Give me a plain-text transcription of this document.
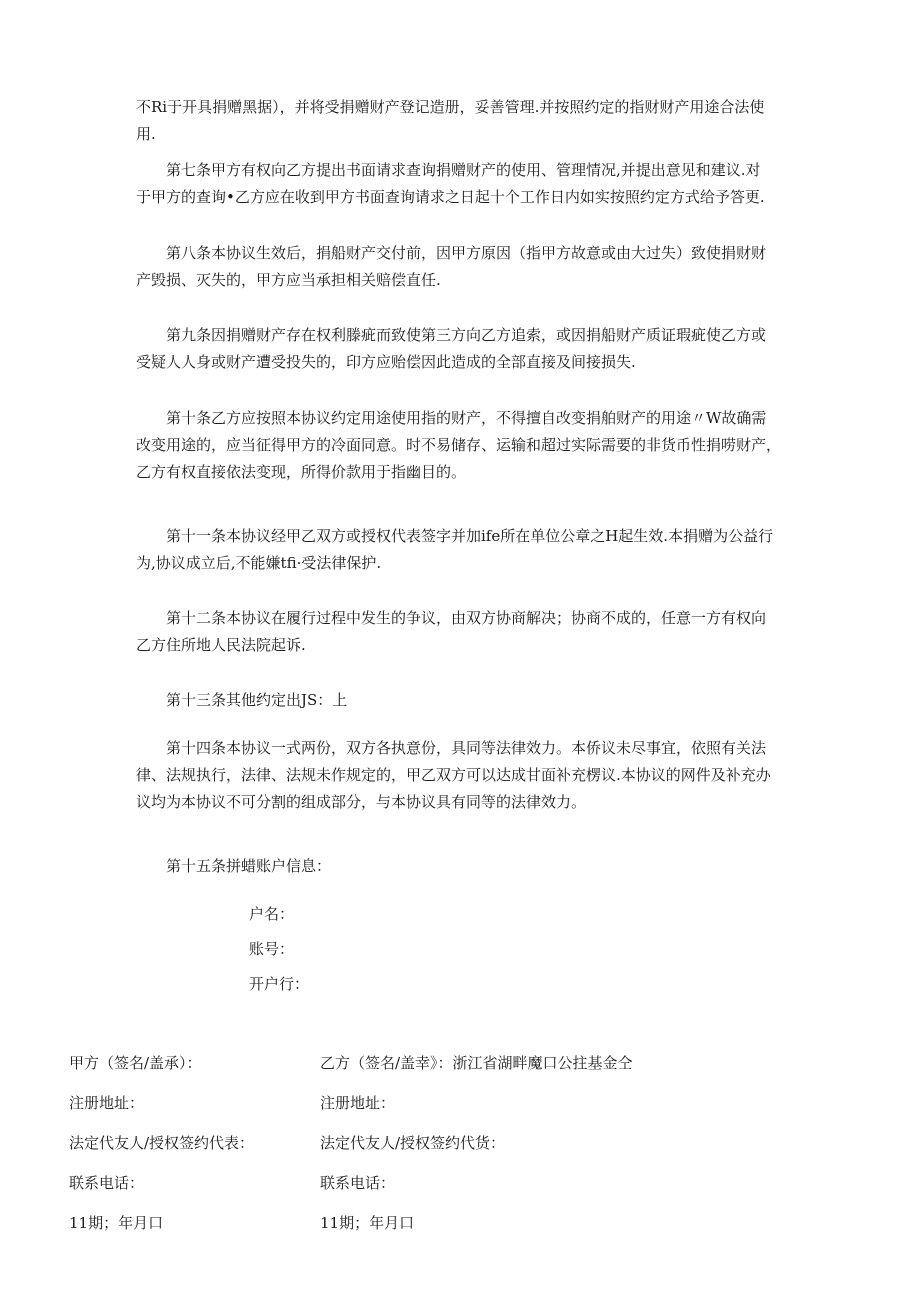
不Ri于开具捐赠黑据），并将受捐赠财产登记造册，妥善管理.并按照约定的指财财产用途合法使
用.

　　第七条甲方有权向乙方提出书面请求查询捐赠财产的使用、管理情况,并提出意见和建议.对
于甲方的查询•乙方应在收到甲方书面查询请求之日起十个工作日内如实按照约定方式给予答更.

　　第八条本协议生效后，捐船财产交付前，因甲方原因（指甲方故意或由大过失）致使捐财财
产毁损、灭失的，甲方应当承担相关赔偿直任.

　　第九条因捐赠财产存在权利滕疵而致使第三方向乙方追索，或因捐船财产质证瑕疵使乙方或
受疑人人身或财产遭受投失的，印方应贻偿因此造成的全部直接及间接损失.

　　第十条乙方应按照本协议约定用途使用指的财产，不得擅自改变捐舶财产的用途〃W故确需
改变用途的，应当征得甲方的冷面同意。时不易储存、运输和超过实际需要的非货币性捐唠财产，
乙方有权直接依法变现，所得价款用于指幽目的。

　　第十一条本协议经甲乙双方或授权代表签字并加ife所在单位公章之H起生效.本捐赠为公益行
为,协议成立后,不能嫌tfi·受法律保护.

　　第十二条本协议在履行过程中发生的争议，由双方协商解决；协商不成的，任意一方有权向
乙方住所地人民法院起诉.

　　第十三条其他约定出JS：上

　　第十四条本协议一式两份，双方各执意份，具同等法律效力。本侨议未尽事宜，依照有关法
律、法规执行，法律、法规未作规定的，甲乙双方可以达成甘面补充楞议.本协议的网件及补充办
议均为本协议不可分割的组成部分，与本协议具有同等的法律效力。

　　第十五条拼蜡账户信息：

户名：
账号：
开户行：
甲方（签名/盖承）：
注册地址：
法定代友人/授权签约代表：
联系电话：
11期；年月口
乙方（签名/盖幸》：浙江省湖畔魔口公拄基金仝
注册地址：
法定代友人/授权签约代货：
联系电话：
11期；年月口
